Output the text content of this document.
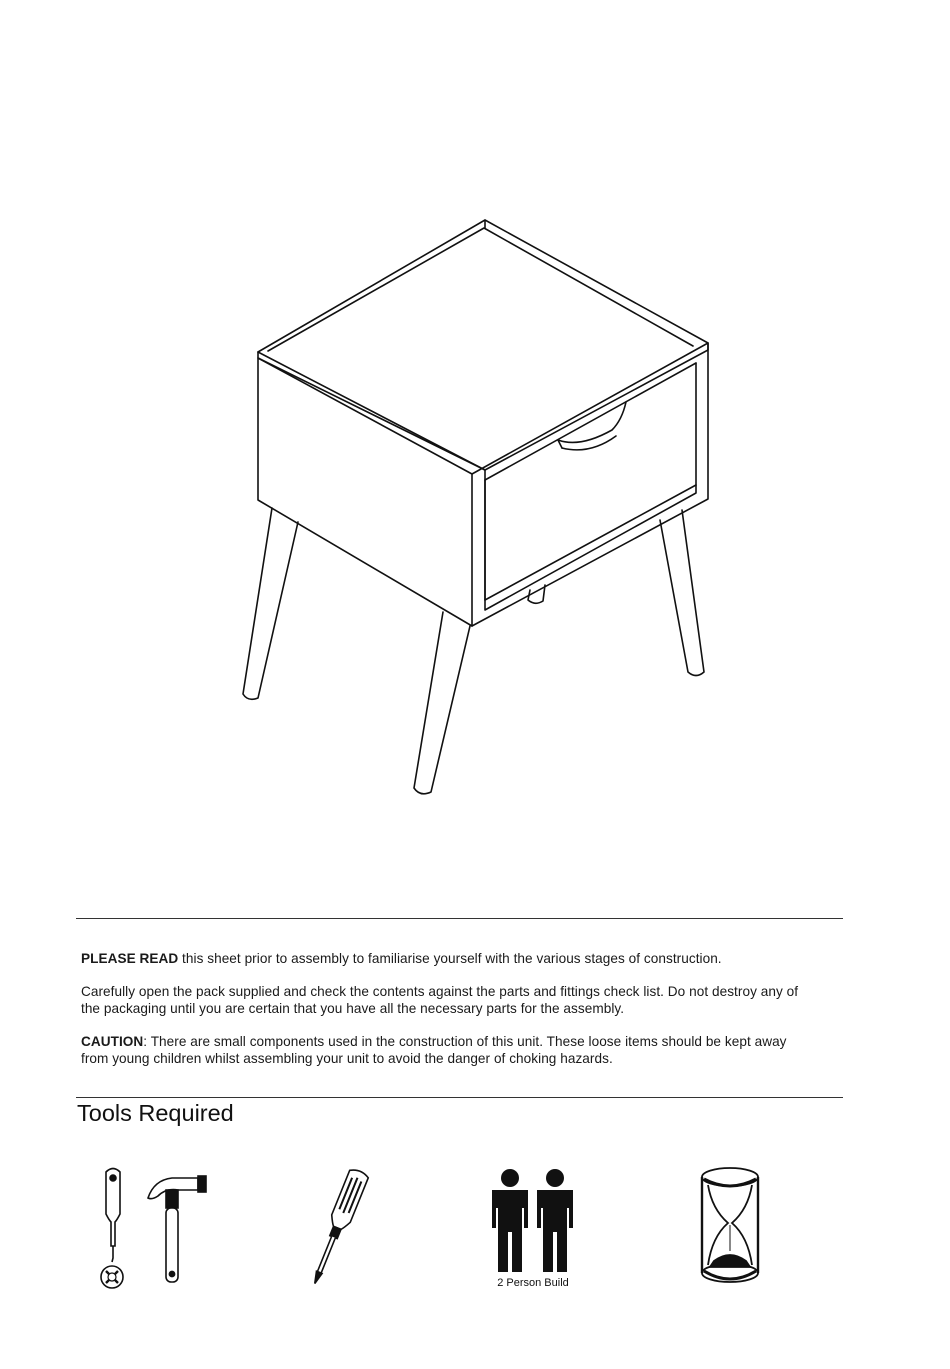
PLEASE READ this sheet prior to assembly to familiarise yourself with the various stages of construction.
Carefully open the pack supplied and check the contents against the parts and fittings check list. Do not destroy any of
the packaging until you are certain that you have all the necessary parts for the assembly.
CAUTION: There are small components used in the construction of this unit. These loose items should be kept away
from young children whilst assembling your unit to avoid the danger of choking hazards.
Tools Required
2 Person Build
